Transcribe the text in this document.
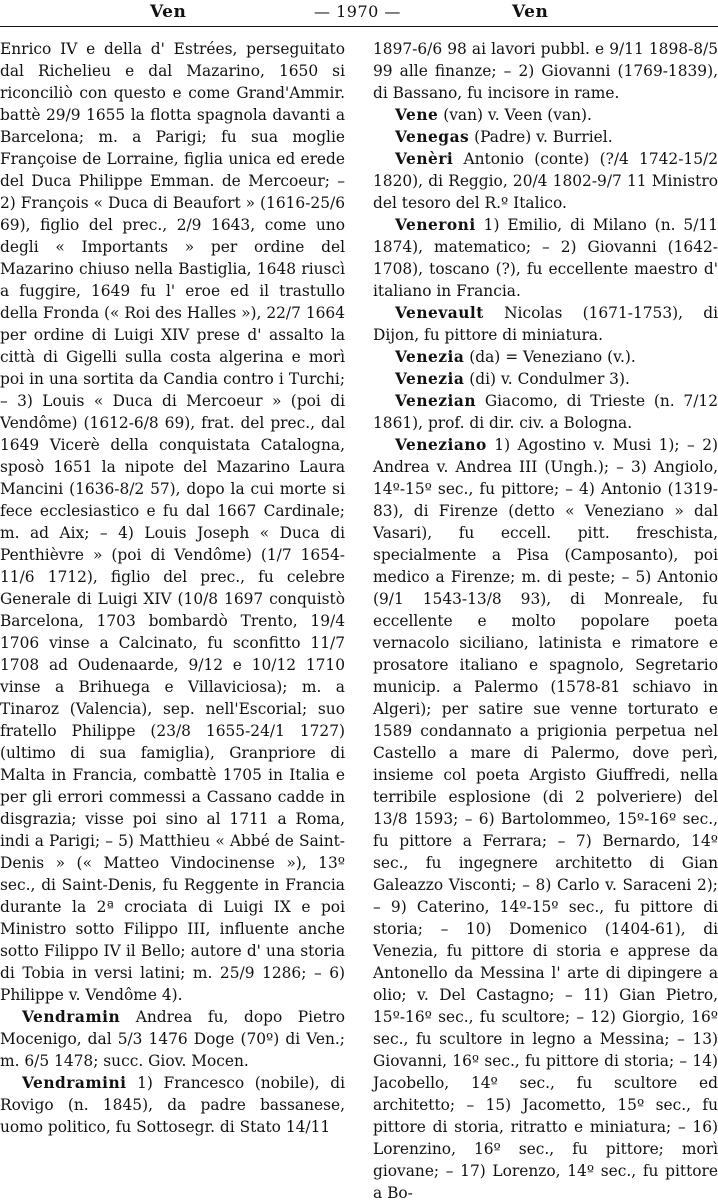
Ven	— 1970 —	Ven

Enrico IV e della d' Estrées, perseguitato dal Richelieu e dal Mazarino, 1650 si riconciliò con questo e come Grand'Ammir. battè 29/9 1655 la flotta spagnola davanti a Barcelona; m. a Parigi; fu sua moglie Françoise de Lorraine, figlia unica ed erede del Duca Philippe Emman. de Mercoeur; – 2) François « Duca di Beaufort » (1616-25/6 69), figlio del prec., 2/9 1643, come uno degli « Importants » per ordine del Mazarino chiuso nella Bastiglia, 1648 riuscì a fuggire, 1649 fu l' eroe ed il trastullo della Fronda (« Roi des Halles »), 22/7 1664 per ordine di Luigi XIV prese d' assalto la città di Gigelli sulla costa algerina e morì poi in una sortita da Candia contro i Turchi; – 3) Louis « Duca di Mercoeur » (poi di Vendôme) (1612-6/8 69), frat. del prec., dal 1649 Vicerè della conquistata Catalogna, sposò 1651 la nipote del Mazarino Laura Mancini (1636-8/2 57), dopo la cui morte si fece ecclesiastico e fu dal 1667 Cardinale; m. ad Aix; – 4) Louis Joseph « Duca di Penthièvre » (poi di Vendôme) (1/7 1654-11/6 1712), figlio del prec., fu celebre Generale di Luigi XIV (10/8 1697 conquistò Barcelona, 1703 bombardò Trento, 19/4 1706 vinse a Calcinato, fu sconfitto 11/7 1708 ad Oudenaarde, 9/12 e 10/12 1710 vinse a Brihuega e Villaviciosa); m. a Tinaroz (Valencia), sep. nell'Escorial; suo fratello Philippe (23/8 1655-24/1 1727) (ultimo di sua famiglia), Granpriore di Malta in Francia, combattè 1705 in Italia e per gli errori commessi a Cassano cadde in disgrazia; visse poi sino al 1711 a Roma, indi a Parigi; – 5) Matthieu « Abbé de Saint-Denis » (« Matteo Vindocinense »), 13º sec., di Saint-Denis, fu Reggente in Francia durante la 2ª crociata di Luigi IX e poi Ministro sotto Filippo III, influente anche sotto Filippo IV il Bello; autore d' una storia di Tobia in versi latini; m. 25/9 1286; – 6) Philippe v. Vendôme 4).

Vendramin Andrea fu, dopo Pietro Mocenigo, dal 5/3 1476 Doge (70º) di Ven.; m. 6/5 1478; succ. Giov. Mocen.

Vendramini 1) Francesco (nobile), di Rovigo (n. 1845), da padre bassanese, uomo politico, fu Sottosegr. di Stato 14/11

1897-6/6 98 ai lavori pubbl. e 9/11 1898-8/5 99 alle finanze; – 2) Giovanni (1769-1839), di Bassano, fu incisore in rame.

Vene (van) v. Veen (van).

Venegas (Padre) v. Burriel.

Venèri Antonio (conte) (?/4 1742-15/2 1820), di Reggio, 20/4 1802-9/7 11 Ministro del tesoro del R.º Italico.

Veneroni 1) Emilio, di Milano (n. 5/11 1874), matematico; – 2) Giovanni (1642-1708), toscano (?), fu eccellente maestro d' italiano in Francia.

Venevault Nicolas (1671-1753), di Dijon, fu pittore di miniatura.

Venezia (da) = Veneziano (v.).

Venezia (di) v. Condulmer 3).

Venezian Giacomo, di Trieste (n. 7/12 1861), prof. di dir. civ. a Bologna.

Veneziano 1) Agostino v. Musi 1); – 2) Andrea v. Andrea III (Ungh.); – 3) Angiolo, 14º-15º sec., fu pittore; – 4) Antonio (1319-83), di Firenze (detto « Veneziano » dal Vasari), fu eccell. pitt. freschista, specialmente a Pisa (Camposanto), poi medico a Firenze; m. di peste; – 5) Antonio (9/1 1543-13/8 93), di Monreale, fu eccellente e molto popolare poeta vernacolo siciliano, latinista e rimatore e prosatore italiano e spagnolo, Segretario municip. a Palermo (1578-81 schiavo in Algeri); per satire sue venne torturato e 1589 condannato a prigionia perpetua nel Castello a mare di Palermo, dove perì, insieme col poeta Argisto Giuffredi, nella terribile esplosione (di 2 polveriere) del 13/8 1593; – 6) Bartolommeo, 15º-16º sec., fu pittore a Ferrara; – 7) Bernardo, 14º sec., fu ingegnere architetto di Gian Galeazzo Visconti; – 8) Carlo v. Saraceni 2); – 9) Caterino, 14º-15º sec., fu pittore di storia; – 10) Domenico (1404-61), di Venezia, fu pittore di storia e apprese da Antonello da Messina l' arte di dipingere a olio; v. Del Castagno; – 11) Gian Pietro, 15º-16º sec., fu scultore; – 12) Giorgio, 16º sec., fu scultore in legno a Messina; – 13) Giovanni, 16º sec., fu pittore di storia; – 14) Jacobello, 14º sec., fu scultore ed architetto; – 15) Jacometto, 15º sec., fu pittore di storia, ritratto e miniatura; – 16) Lorenzino, 16º sec., fu pittore; morì giovane; – 17) Lorenzo, 14º sec., fu pittore a Bo-
